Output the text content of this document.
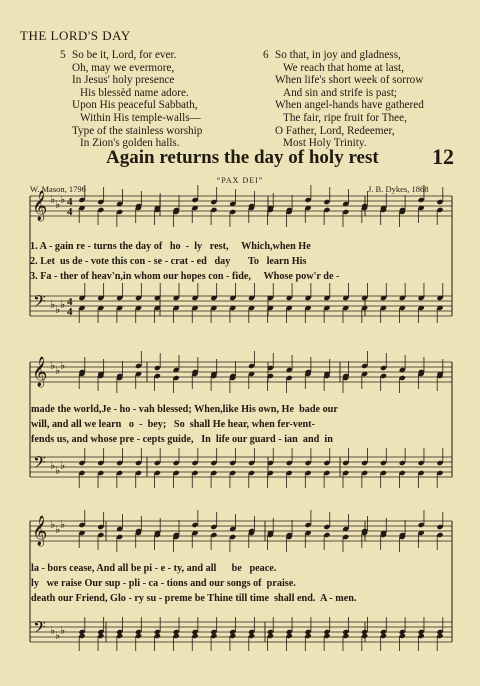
THE LORD'S DAY
5 So be it, Lord, for ever.
Oh, may we evermore,
In Jesus' holy presence
His blessèd name adore.
Upon His peaceful Sabbath,
Within His temple-walls—
Type of the stainless worship
In Zion's golden halls.
6 So that, in joy and gladness,
We reach that home at last,
When life's short week of sorrow
And sin and strife is past;
When angel-hands have gathered
The fair, ripe fruit for Thee,
O Father, Lord, Redeemer,
Most Holy Trinity.
Again returns the day of holy rest 12
“PAX DEI”
W. Mason, 1796	J. B. Dykes, 1868
𝄞
𝄢
♭
♭
♭
♭
♭
♭
4
4
4
4
𝄞
𝄢
♭
♭
♭
♭
♭
♭
𝄞
𝄢
♭
♭
♭
♭
♭
♭
1. A - gain re - turns the day of   ho  -  ly   rest,     Which,when He
2. Let  us de - vote this con - se - crat - ed   day       To   learn His
3. Fa - ther of heav'n,in whom our hopes con - fide,     Whose pow'r de -
made the world,Je - ho - vah blessed; When,like His own, He  bade our
will, and all we learn   o  -  bey;   So  shall He hear, when fer-vent-
fends us, and whose pre - cepts guide,   In  life our guard - ian  and  in
la - bors cease, And all be pi - e - ty, and all      be   peace.
ly   we raise Our sup - pli - ca - tions and our songs of  praise.
death our Friend, Glo - ry su - preme be Thine till time  shall end.  A - men.
